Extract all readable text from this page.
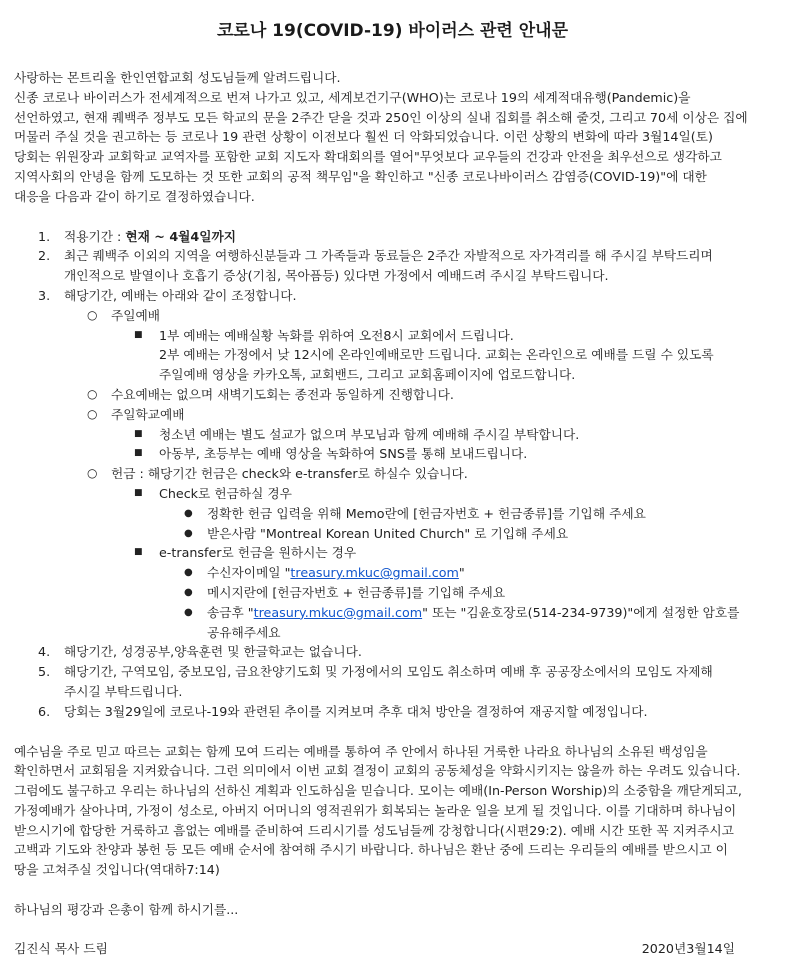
코로나 19(COVID-19) 바이러스 관련 안내문
사랑하는 몬트리올 한인연합교회 성도님들께 알려드립니다.
신종 코로나 바이러스가 전세계적으로 번져 나가고 있고, 세계보건기구(WHO)는 코로나 19의 세계적대유행(Pandemic)을
선언하였고, 현재 퀘백주 정부도 모든 학교의 문을 2주간 닫을 것과 250인 이상의 실내 집회를 취소해 줄것, 그리고 70세 이상은 집에
머물러 주실 것을 권고하는 등 코로나 19 관련 상황이 이전보다 훨씬 더 악화되었습니다. 이런 상황의 변화에 따라 3월14일(토)
당회는 위원장과 교회학교 교역자를 포함한 교회 지도자 확대회의를 열어"무엇보다 교우들의 건강과 안전을 최우선으로 생각하고
지역사회의 안녕을 함께 도모하는 것 또한 교회의 공적 책무임"을 확인하고 "신종 코로나바이러스 감염증(COVID-19)"에 대한
대응을 다음과 같이 하기로 결정하였습니다.
1. 적용기간 : 현재 ~ 4월4일까지
2. 최근 퀘백주 이외의 지역을 여행하신분들과 그 가족들과 동료들은 2주간 자발적으로 자가격리를 해 주시길 부탁드리며
개인적으로 발열이나 호흡기 증상(기침, 목아픔등) 있다면 가정에서 예배드려 주시길 부탁드립니다.
3. 해당기간, 예배는 아래와 같이 조정합니다.
○ 주일예배
■ 1부 예배는 예배실황 녹화를 위하여 오전8시 교회에서 드립니다.
2부 예배는 가정에서 낮 12시에 온라인예배로만 드립니다. 교회는 온라인으로 예배를 드릴 수 있도록
주일예배 영상을 카카오톡, 교회밴드, 그리고 교회홈페이지에 업로드합니다.
○ 수요예배는 없으며 새벽기도회는 종전과 동일하게 진행합니다.
○ 주일학교예배
■ 청소년 예배는 별도 설교가 없으며 부모님과 함께 예배해 주시길 부탁합니다.
■ 아동부, 초등부는 예배 영상을 녹화하여 SNS를 통해 보내드립니다.
○ 헌금 : 해당기간 헌금은 check와 e-transfer로 하실수 있습니다.
■ Check로 헌금하실 경우
● 정확한 헌금 입력을 위해 Memo란에 [헌금자번호 + 헌금종류]를 기입해 주세요
● 받은사람 "Montreal Korean United Church" 로 기입해 주세요
■ e-transfer로 헌금을 원하시는 경우
● 수신자이메일 "treasury.mkuc@gmail.com"
● 메시지란에 [헌금자번호 + 헌금종류]를 기입해 주세요
● 송금후 "treasury.mkuc@gmail.com" 또는 "김윤호장로(514-234-9739)"에게 설정한 암호를
공유해주세요
4. 해당기간, 성경공부,양육훈련 및 한글학교는 없습니다.
5. 해당기간, 구역모임, 중보모임, 금요찬양기도회 및 가정에서의 모임도 취소하며 예배 후 공공장소에서의 모임도 자제해
주시길 부탁드립니다.
6. 당회는 3월29일에 코로나-19와 관련된 추이를 지켜보며 추후 대처 방안을 결정하여 재공지할 예정입니다.
예수님을 주로 믿고 따르는 교회는 함께 모여 드리는 예배를 통하여 주 안에서 하나된 거룩한 나라요 하나님의 소유된 백성임을
확인하면서 교회됨을 지켜왔습니다. 그런 의미에서 이번 교회 결정이 교회의 공동체성을 약화시키지는 않을까 하는 우려도 있습니다.
그럼에도 불구하고 우리는 하나님의 선하신 계획과 인도하심을 믿습니다. 모이는 예배(In-Person Worship)의 소중함을 깨닫게되고,
가정예배가 살아나며, 가정이 성소로, 아버지 어머니의 영적권위가 회복되는 놀라운 일을 보게 될 것입니다. 이를 기대하며 하나님이
받으시기에 합당한 거룩하고 흠없는 예배를 준비하여 드리시기를 성도님들께 강청합니다(시편29:2). 예배 시간 또한 꼭 지켜주시고
고백과 기도와 찬양과 봉헌 등 모든 예배 순서에 참여해 주시기 바랍니다. 하나님은 환난 중에 드리는 우리들의 예배를 받으시고 이
땅을 고쳐주실 것입니다(역대하7:14)
하나님의 평강과 은총이 함께 하시기를...
김진식 목사 드림	2020년3월14일
